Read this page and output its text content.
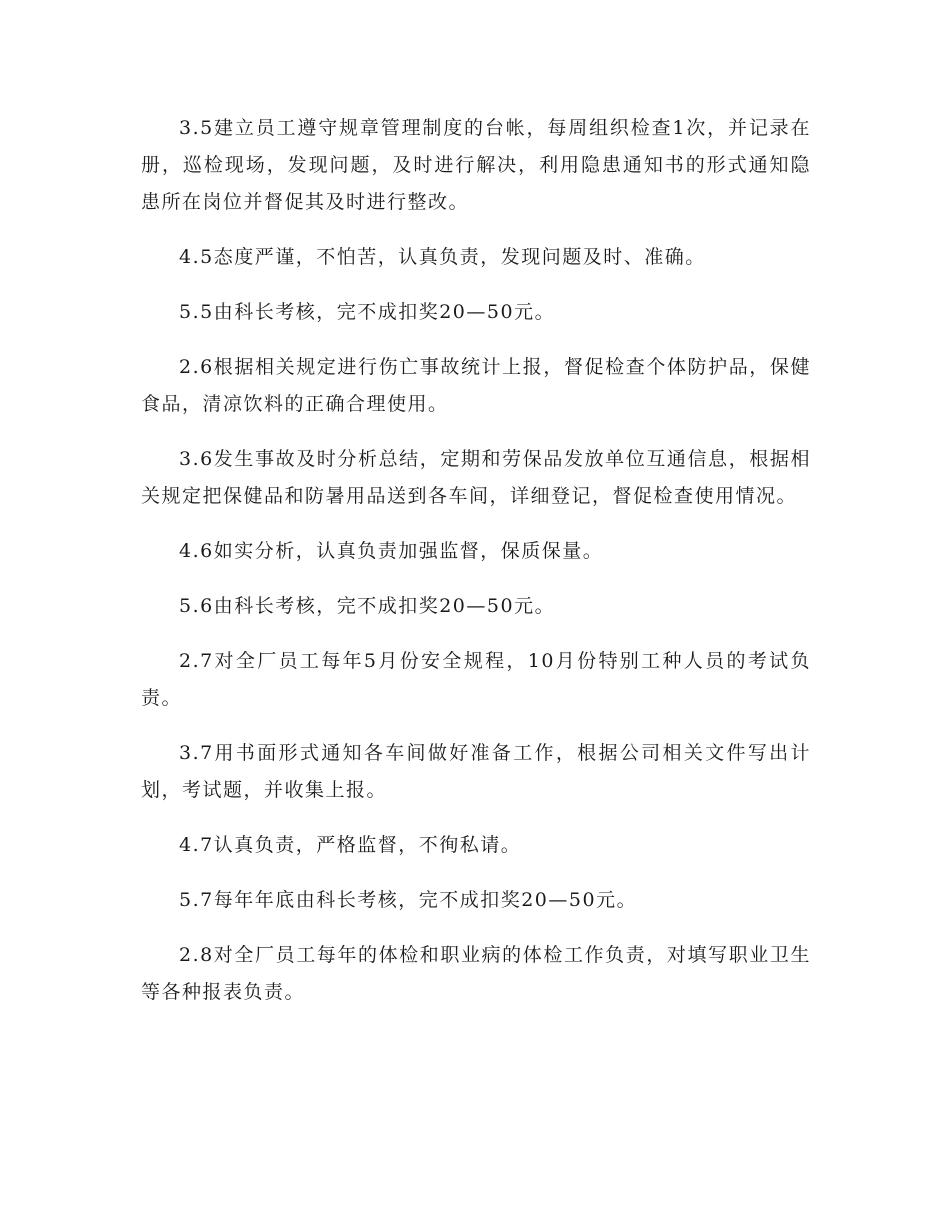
3.5建立员工遵守规章管理制度的台帐，每周组织检查1次，并记录在册，巡检现场，发现问题，及时进行解决，利用隐患通知书的形式通知隐患所在岗位并督促其及时进行整改。

4.5态度严谨，不怕苦，认真负责，发现问题及时、准确。

5.5由科长考核，完不成扣奖20—50元。

2.6根据相关规定进行伤亡事故统计上报，督促检查个体防护品，保健食品，清凉饮料的正确合理使用。

3.6发生事故及时分析总结，定期和劳保品发放单位互通信息，根据相关规定把保健品和防暑用品送到各车间，详细登记，督促检查使用情况。

4.6如实分析，认真负责加强监督，保质保量。

5.6由科长考核，完不成扣奖20—50元。

2.7对全厂员工每年5月份安全规程，10月份特别工种人员的考试负责。

3.7用书面形式通知各车间做好准备工作，根据公司相关文件写出计划，考试题，并收集上报。

4.7认真负责，严格监督，不徇私请。

5.7每年年底由科长考核，完不成扣奖20—50元。

2.8对全厂员工每年的体检和职业病的体检工作负责，对填写职业卫生等各种报表负责。
